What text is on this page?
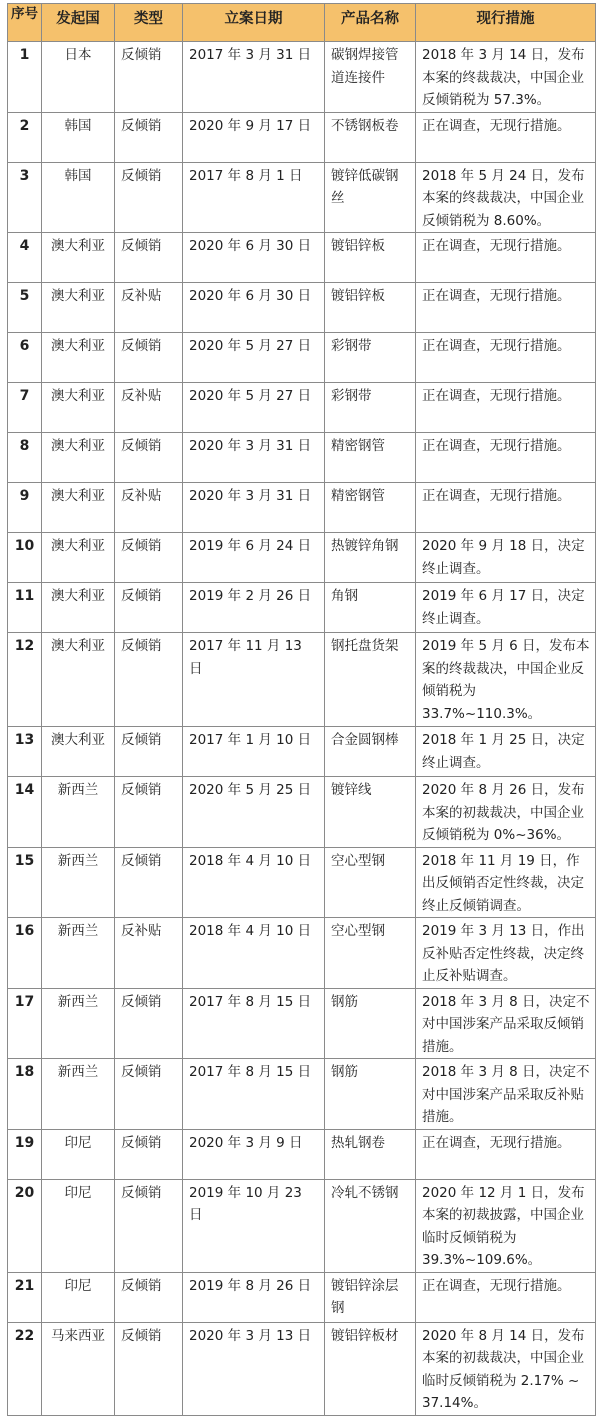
序号	发起国	类型	立案日期	产品名称	现行措施
1	日本	反倾销	2017 年 3 月 31 日	碳钢焊接管道连接件	2018 年 3 月 14 日，发布本案的终裁裁决，中国企业反倾销税为 57.3%。
2	韩国	反倾销	2020 年 9 月 17 日	不锈钢板卷	正在调查，无现行措施。
3	韩国	反倾销	2017 年 8 月 1 日	镀锌低碳钢丝	2018 年 5 月 24 日，发布本案的终裁裁决，中国企业反倾销税为 8.60%。
4	澳大利亚	反倾销	2020 年 6 月 30 日	镀铝锌板	正在调查，无现行措施。
5	澳大利亚	反补贴	2020 年 6 月 30 日	镀铝锌板	正在调查，无现行措施。
6	澳大利亚	反倾销	2020 年 5 月 27 日	彩钢带	正在调查，无现行措施。
7	澳大利亚	反补贴	2020 年 5 月 27 日	彩钢带	正在调查，无现行措施。
8	澳大利亚	反倾销	2020 年 3 月 31 日	精密钢管	正在调查，无现行措施。
9	澳大利亚	反补贴	2020 年 3 月 31 日	精密钢管	正在调查，无现行措施。
10	澳大利亚	反倾销	2019 年 6 月 24 日	热镀锌角钢	2020 年 9 月 18 日，决定终止调查。
11	澳大利亚	反倾销	2019 年 2 月 26 日	角钢	2019 年 6 月 17 日，决定终止调查。
12	澳大利亚	反倾销	2017 年 11 月 13 日	钢托盘货架	2019 年 5 月 6 日，发布本案的终裁裁决，中国企业反倾销税为 33.7%~110.3%。
13	澳大利亚	反倾销	2017 年 1 月 10 日	合金圆钢棒	2018 年 1 月 25 日，决定终止调查。
14	新西兰	反倾销	2020 年 5 月 25 日	镀锌线	2020 年 8 月 26 日，发布本案的初裁裁决，中国企业反倾销税为 0%~36%。
15	新西兰	反倾销	2018 年 4 月 10 日	空心型钢	2018 年 11 月 19 日，作出反倾销否定性终裁，决定终止反倾销调查。
16	新西兰	反补贴	2018 年 4 月 10 日	空心型钢	2019 年 3 月 13 日，作出反补贴否定性终裁，决定终止反补贴调查。
17	新西兰	反倾销	2017 年 8 月 15 日	钢筋	2018 年 3 月 8 日，决定不对中国涉案产品采取反倾销措施。
18	新西兰	反倾销	2017 年 8 月 15 日	钢筋	2018 年 3 月 8 日，决定不对中国涉案产品采取反补贴措施。
19	印尼	反倾销	2020 年 3 月 9 日	热轧钢卷	正在调查，无现行措施。
20	印尼	反倾销	2019 年 10 月 23 日	冷轧不锈钢	2020 年 12 月 1 日，发布本案的初裁披露，中国企业临时反倾销税为 39.3%~109.6%。
21	印尼	反倾销	2019 年 8 月 26 日	镀铝锌涂层钢	正在调查，无现行措施。
22	马来西亚	反倾销	2020 年 3 月 13 日	镀铝锌板材	2020 年 8 月 14 日，发布本案的初裁裁决，中国企业临时反倾销税为 2.17% ~ 37.14%。
